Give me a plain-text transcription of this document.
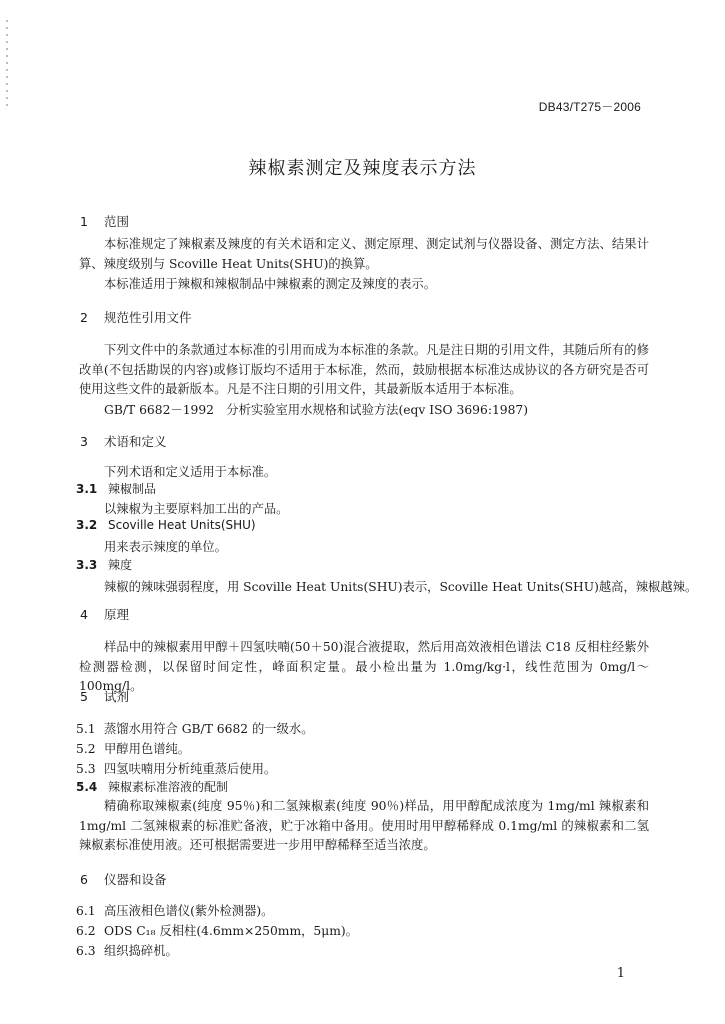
DB43/T275－2006
辣椒素测定及辣度表示方法
1 范围
本标准规定了辣椒素及辣度的有关术语和定义、测定原理、测定试剂与仪器设备、测定方法、结果计算、辣度级别与 Scoville Heat Units(SHU)的换算。
本标准适用于辣椒和辣椒制品中辣椒素的测定及辣度的表示。
2 规范性引用文件
下列文件中的条款通过本标准的引用而成为本标准的条款。凡是注日期的引用文件，其随后所有的修改单(不包括勘误的内容)或修订版均不适用于本标准，然而，鼓励根据本标准达成协议的各方研究是否可使用这些文件的最新版本。凡是不注日期的引用文件，其最新版本适用于本标准。
GB/T 6682－1992　分析实验室用水规格和试验方法(eqv ISO 3696:1987)
3 术语和定义
下列术语和定义适用于本标准。
3.1 辣椒制品
以辣椒为主要原料加工出的产品。
3.2 Scoville Heat Units(SHU)
用来表示辣度的单位。
3.3 辣度
辣椒的辣味强弱程度，用 Scoville Heat Units(SHU)表示，Scoville Heat Units(SHU)越高，辣椒越辣。
4 原理
样品中的辣椒素用甲醇＋四氢呋喃(50＋50)混合液提取，然后用高效液相色谱法 C18 反相柱经紫外检测器检测，以保留时间定性，峰面积定量。最小检出量为 1.0mg/kg·l，线性范围为 0mg/l～100mg/l。
5 试剂
5.1 蒸馏水用符合 GB/T 6682 的一级水。
5.2 甲醇用色谱纯。
5.3 四氢呋喃用分析纯重蒸后使用。
5.4 辣椒素标准溶液的配制
精确称取辣椒素(纯度 95％)和二氢辣椒素(纯度 90％)样品，用甲醇配成浓度为 1mg/ml 辣椒素和 1mg/ml 二氢辣椒素的标准贮备液，贮于冰箱中备用。使用时用甲醇稀释成 0.1mg/ml 的辣椒素和二氢辣椒素标准使用液。还可根据需要进一步用甲醇稀释至适当浓度。
6 仪器和设备
6.1 高压液相色谱仪(紫外检测器)。
6.2 ODS C₁₈ 反相柱(4.6mm×250mm，5μm)。
6.3 组织捣碎机。
1
